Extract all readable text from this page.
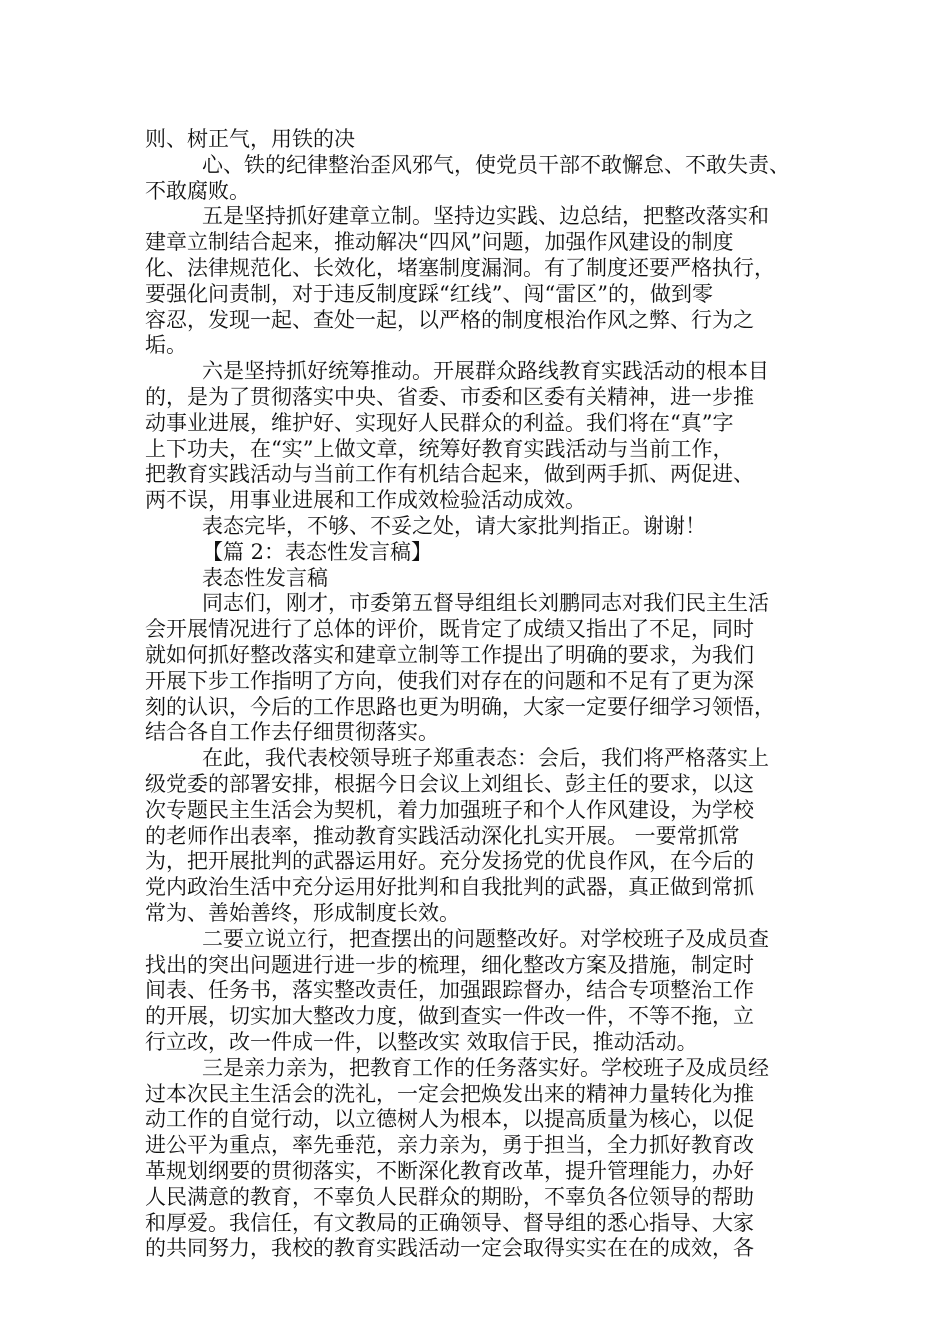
则、树正气，用铁的决
心、铁的纪律整治歪风邪气，使党员干部不敢懈怠、不敢失责、
不敢腐败。
五是坚持抓好建章立制。坚持边实践、边总结，把整改落实和
建章立制结合起来，推动解决“四风”问题，加强作风建设的制度
化、法律规范化、长效化，堵塞制度漏洞。有了制度还要严格执行，
要强化问责制，对于违反制度踩“红线”、闯“雷区”的，做到零
容忍，发现一起、查处一起，以严格的制度根治作风之弊、行为之
垢。
六是坚持抓好统筹推动。开展群众路线教育实践活动的根本目
的，是为了贯彻落实中央、省委、市委和区委有关精神，进一步推
动事业进展，维护好、实现好人民群众的利益。我们将在“真”字
上下功夫，在“实”上做文章，统筹好教育实践活动与当前工作，
把教育实践活动与当前工作有机结合起来，做到两手抓、两促进、
两不误，用事业进展和工作成效检验活动成效。
表态完毕，不够、不妥之处，请大家批判指正。谢谢！
【篇 2：表态性发言稿】
表态性发言稿
同志们，刚才，市委第五督导组组长刘鹏同志对我们民主生活
会开展情况进行了总体的评价，既肯定了成绩又指出了不足，同时
就如何抓好整改落实和建章立制等工作提出了明确的要求，为我们
开展下步工作指明了方向，使我们对存在的问题和不足有了更为深
刻的认识，今后的工作思路也更为明确，大家一定要仔细学习领悟，
结合各自工作去仔细贯彻落实。
在此，我代表校领导班子郑重表态：会后，我们将严格落实上
级党委的部署安排，根据今日会议上刘组长、彭主任的要求，以这
次专题民主生活会为契机，着力加强班子和个人作风建设，为学校
的老师作出表率，推动教育实践活动深化扎实开展。 一要常抓常
为，把开展批判的武器运用好。充分发扬党的优良作风，在今后的
党内政治生活中充分运用好批判和自我批判的武器，真正做到常抓
常为、善始善终，形成制度长效。
二要立说立行，把查摆出的问题整改好。对学校班子及成员查
找出的突出问题进行进一步的梳理，细化整改方案及措施，制定时
间表、任务书，落实整改责任，加强跟踪督办，结合专项整治工作
的开展，切实加大整改力度，做到查实一件改一件，不等不拖，立
行立改，改一件成一件，以整改实 效取信于民，推动活动。
三是亲力亲为，把教育工作的任务落实好。学校班子及成员经
过本次民主生活会的洗礼，一定会把焕发出来的精神力量转化为推
动工作的自觉行动，以立德树人为根本，以提高质量为核心，以促
进公平为重点，率先垂范，亲力亲为，勇于担当，全力抓好教育改
革规划纲要的贯彻落实，不断深化教育改革，提升管理能力，办好
人民满意的教育，不辜负人民群众的期盼，不辜负各位领导的帮助
和厚爱。我信任，有文教局的正确领导、督导组的悉心指导、大家
的共同努力，我校的教育实践活动一定会取得实实在在的成效，各
